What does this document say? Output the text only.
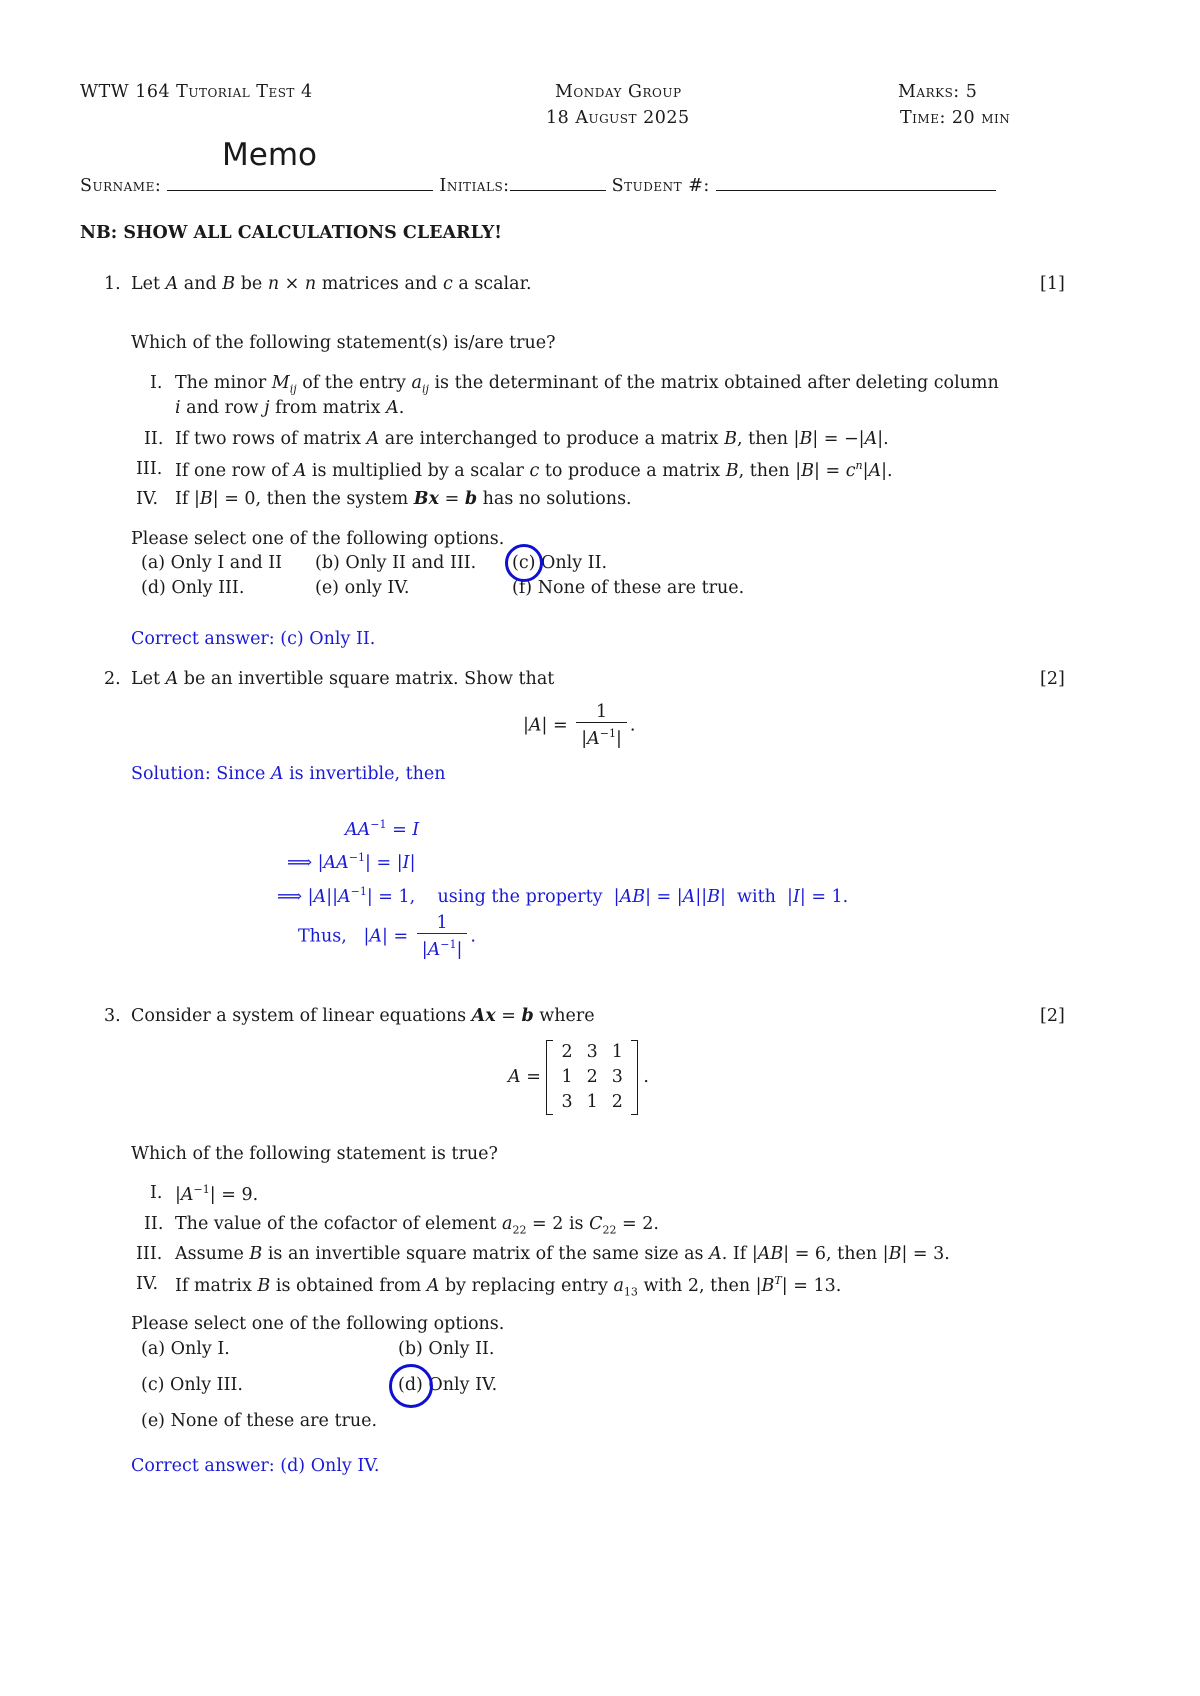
WTW 164 Tutorial Test 4	Monday Group
18 August 2025
Marks: 5
Time: 20 min
Memo
Surname:	Initials:	Student #:
NB: SHOW ALL CALCULATIONS CLEARLY!
1. Let A and B be n × n matrices and c a scalar.	[1]
Which of the following statement(s) is/are true?
I. The minor $M_{ij}$ of the entry $a_{ij}$ is the determinant of the matrix obtained after deleting column
i and row j from matrix A.
II. If two rows of matrix A are interchanged to produce a matrix B, then |B| = −|A|.
III. If one row of A is multiplied by a scalar c to produce a matrix B, then $|B| = c^n|A|$.
IV. If |B| = 0, then the system Bx = b has no solutions.
Please select one of the following options.
(a) Only I and II (b) Only II and III. (c) Only II.
(d) Only III.	(e) only IV.	(f) None of these are true.
Correct answer: (c) Only II.
2. Let A be an invertible square matrix. Show that	[2]
$|A| = \frac{1}{|A^{-1}|}$ .
Solution: Since A is invertible, then
$AA^{-1} = I$
⟹ $|AA^{-1}| = |I|$
⟹ $|A||A^{-1}| = 1$,    using the property  |AB| = |A||B|  with  |I| = 1.
Thus,   $|A| = \frac{1}{|A^{-1}|}$ .
3. Consider a system of linear equations Ax = b where	[2]
A =
2	3	1
1	2	3
3	1	2
.
Which of the following statement is true?
I. $|A^{-1}| = 9$.
II. The value of the cofactor of element $a_{22} = 2$ is $C_{22} = 2$.
III. Assume B is an invertible square matrix of the same size as A. If |AB| = 6, then |B| = 3.
IV. If matrix B is obtained from A by replacing entry $a_{13}$ with 2, then $|B^T| = 13$.
Please select one of the following options.
(a) Only I.	(b) Only II.
(c) Only III.	(d) Only IV.
(e) None of these are true.
Correct answer: (d) Only IV.
